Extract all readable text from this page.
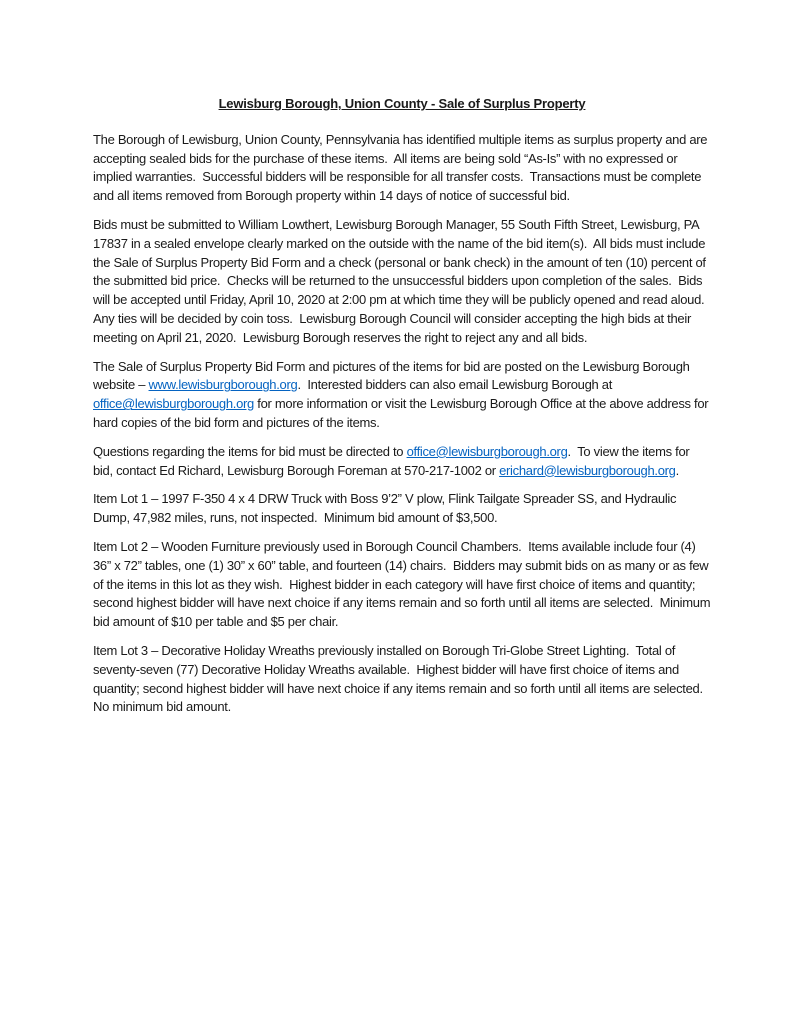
Lewisburg Borough, Union County - Sale of Surplus Property

The Borough of Lewisburg, Union County, Pennsylvania has identified multiple items as surplus property and are accepting sealed bids for the purchase of these items.  All items are being sold “As-Is” with no expressed or implied warranties.  Successful bidders will be responsible for all transfer costs.  Transactions must be complete and all items removed from Borough property within 14 days of notice of successful bid.

Bids must be submitted to William Lowthert, Lewisburg Borough Manager, 55 South Fifth Street, Lewisburg, PA 17837 in a sealed envelope clearly marked on the outside with the name of the bid item(s).  All bids must include the Sale of Surplus Property Bid Form and a check (personal or bank check) in the amount of ten (10) percent of the submitted bid price.  Checks will be returned to the unsuccessful bidders upon completion of the sales.  Bids will be accepted until Friday, April 10, 2020 at 2:00 pm at which time they will be publicly opened and read aloud.  Any ties will be decided by coin toss.  Lewisburg Borough Council will consider accepting the high bids at their meeting on April 21, 2020.  Lewisburg Borough reserves the right to reject any and all bids.

The Sale of Surplus Property Bid Form and pictures of the items for bid are posted on the Lewisburg Borough website – www.lewisburgborough.org.  Interested bidders can also email Lewisburg Borough at office@lewisburgborough.org for more information or visit the Lewisburg Borough Office at the above address for hard copies of the bid form and pictures of the items.

Questions regarding the items for bid must be directed to office@lewisburgborough.org.  To view the items for bid, contact Ed Richard, Lewisburg Borough Foreman at 570-217-1002 or erichard@lewisburgborough.org.

Item Lot 1 – 1997 F-350 4 x 4 DRW Truck with Boss 9’2” V plow, Flink Tailgate Spreader SS, and Hydraulic Dump, 47,982 miles, runs, not inspected.  Minimum bid amount of $3,500.

Item Lot 2 – Wooden Furniture previously used in Borough Council Chambers.  Items available include four (4) 36” x 72” tables, one (1) 30” x 60” table, and fourteen (14) chairs.  Bidders may submit bids on as many or as few of the items in this lot as they wish.  Highest bidder in each category will have first choice of items and quantity; second highest bidder will have next choice if any items remain and so forth until all items are selected.  Minimum bid amount of $10 per table and $5 per chair.

Item Lot 3 – Decorative Holiday Wreaths previously installed on Borough Tri-Globe Street Lighting.  Total of seventy-seven (77) Decorative Holiday Wreaths available.  Highest bidder will have first choice of items and quantity; second highest bidder will have next choice if any items remain and so forth until all items are selected.  No minimum bid amount.
